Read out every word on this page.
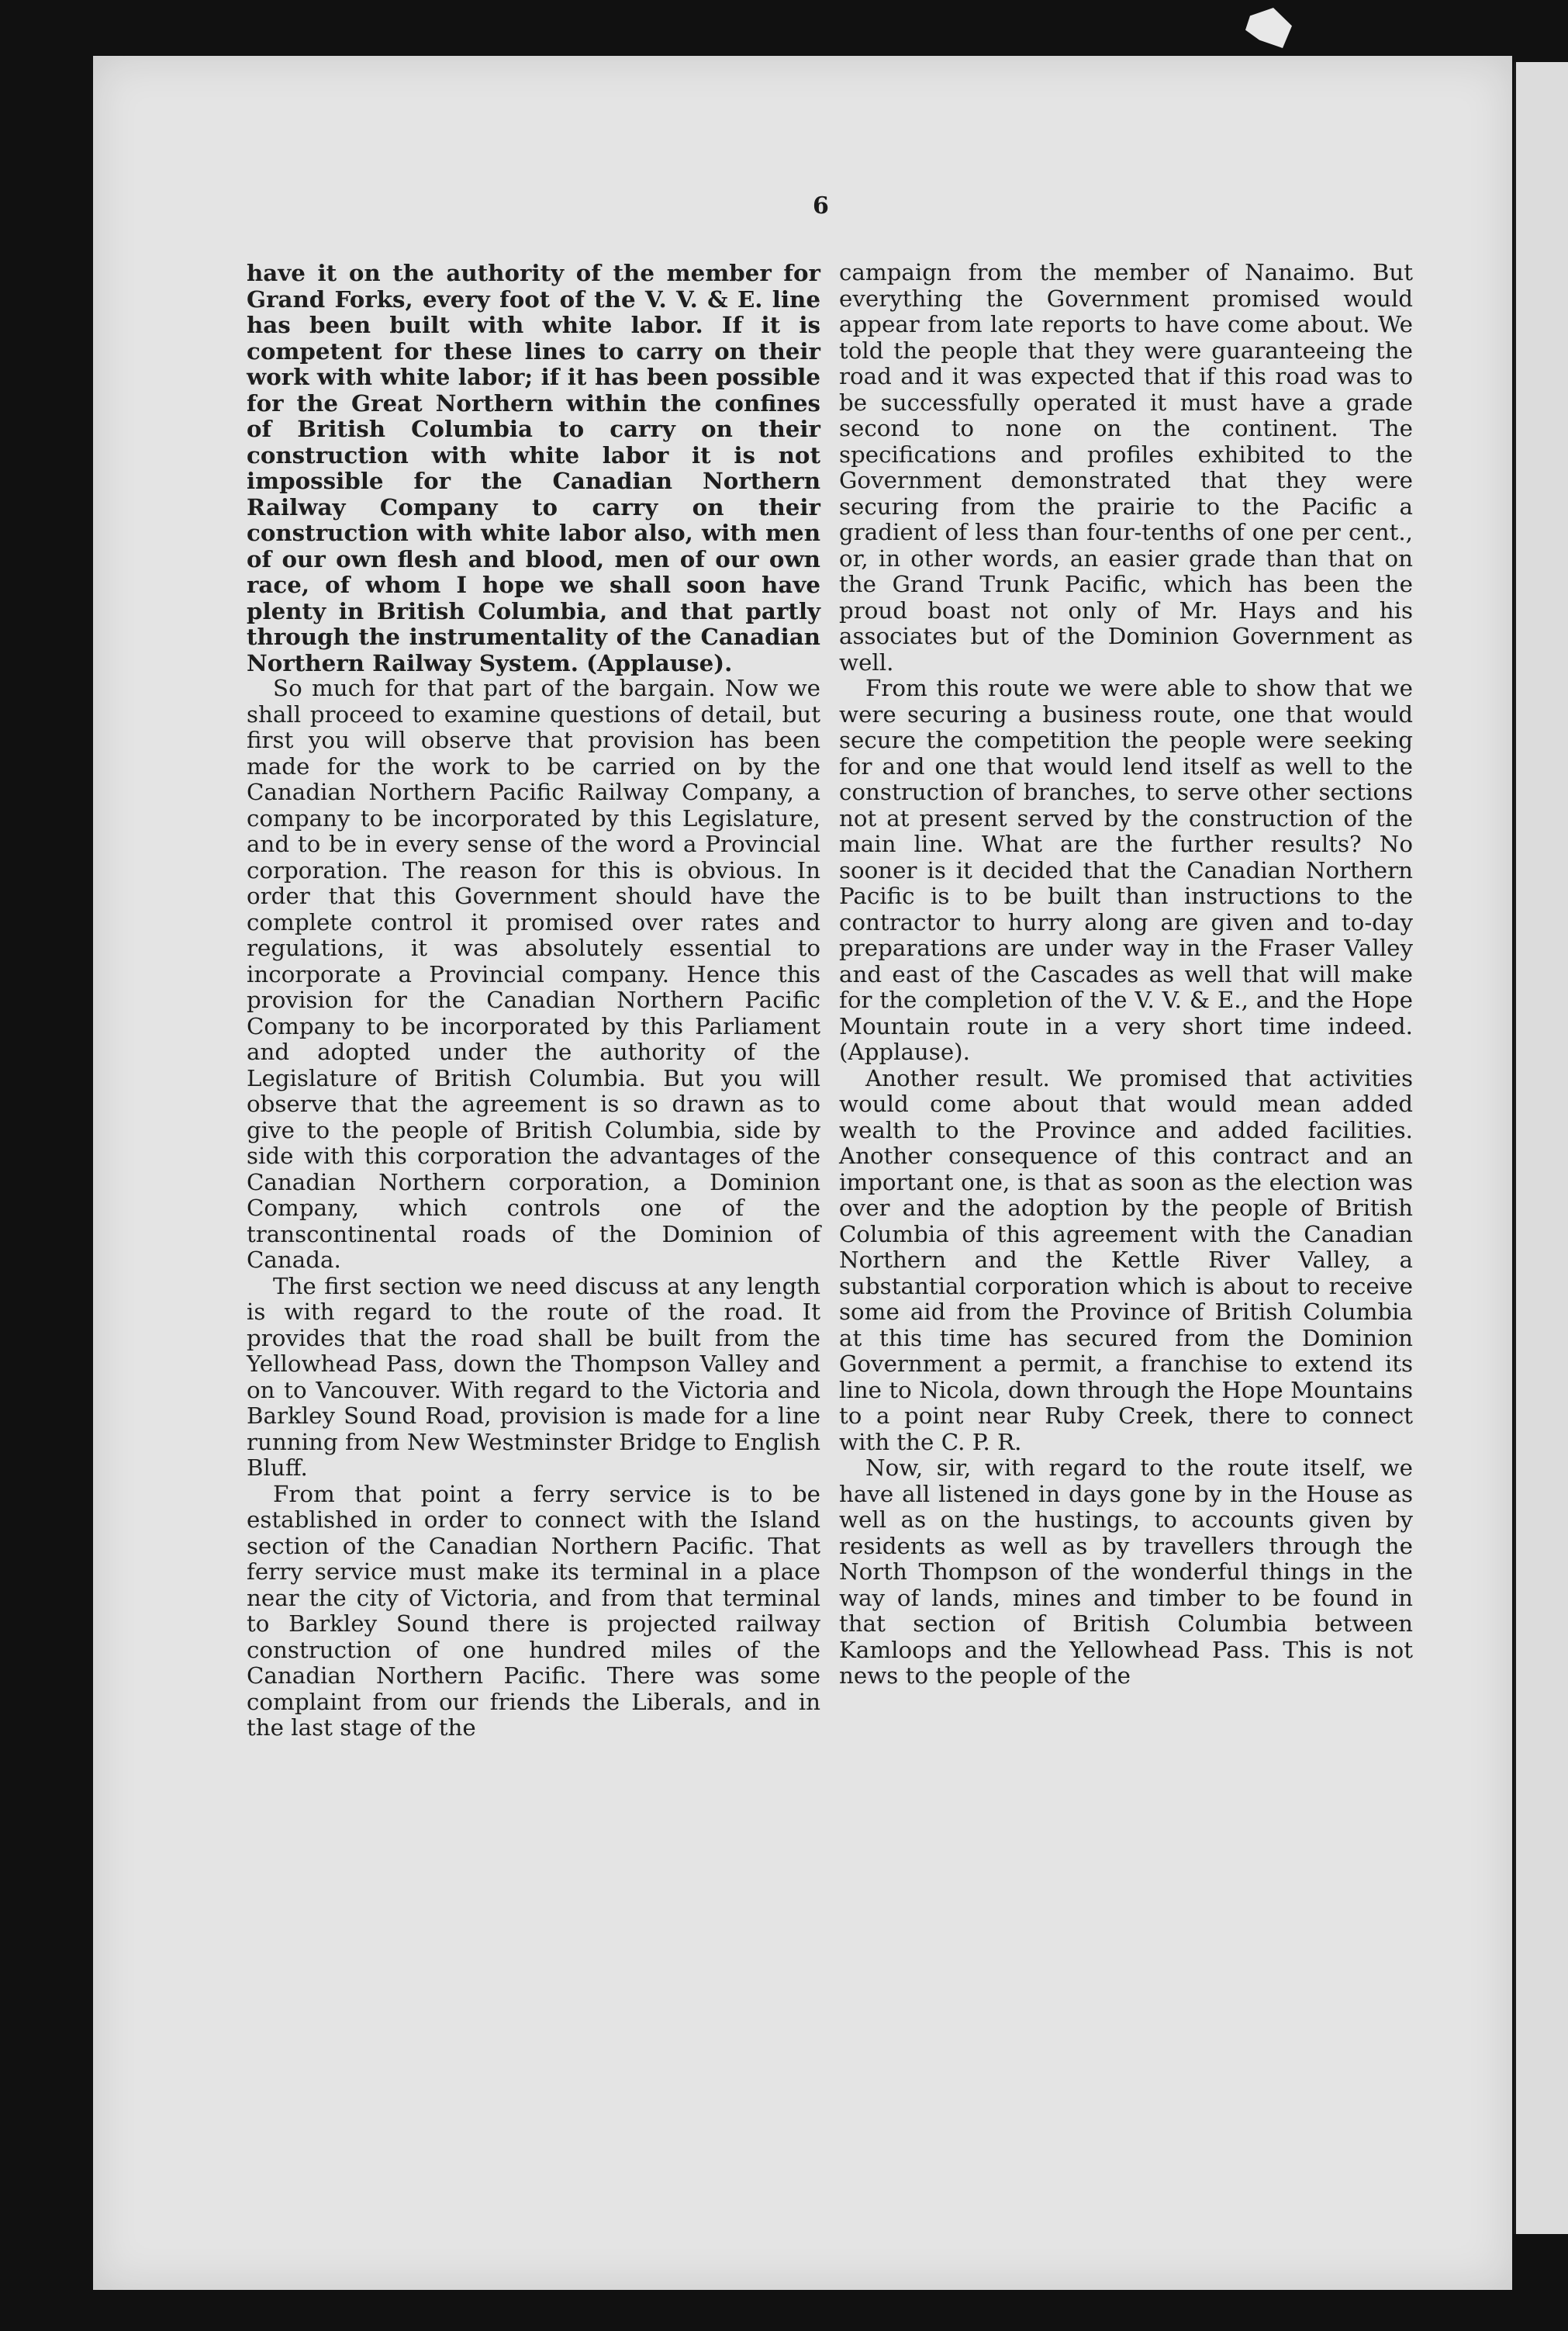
6

have it on the authority of the member for Grand Forks, every foot of the V. V. & E. line has been built with white labor. If it is competent for these lines to carry on their work with white labor; if it has been possible for the Great Northern within the confines of British Columbia to carry on their construction with white labor it is not impossible for the Canadian Northern Railway Company to carry on their construction with white labor also, with men of our own flesh and blood, men of our own race, of whom I hope we shall soon have plenty in British Columbia, and that partly through the instrumentality of the Canadian Northern Railway System. (Applause).

So much for that part of the bargain. Now we shall proceed to examine questions of detail, but first you will observe that provision has been made for the work to be carried on by the Canadian Northern Pacific Railway Company, a company to be incorporated by this Legislature, and to be in every sense of the word a Provincial corporation. The reason for this is obvious. In order that this Government should have the complete control it promised over rates and regulations, it was absolutely essential to incorporate a Provincial company. Hence this provision for the Canadian Northern Pacific Company to be incorporated by this Parliament and adopted under the authority of the Legislature of British Columbia. But you will observe that the agreement is so drawn as to give to the people of British Columbia, side by side with this corporation the advantages of the Canadian Northern corporation, a Dominion Company, which controls one of the transcontinental roads of the Dominion of Canada.

The first section we need discuss at any length is with regard to the route of the road. It provides that the road shall be built from the Yellowhead Pass, down the Thompson Valley and on to Vancouver. With regard to the Victoria and Barkley Sound Road, provision is made for a line running from New Westminster Bridge to English Bluff.

From that point a ferry service is to be established in order to connect with the Island section of the Canadian Northern Pacific. That ferry service must make its terminal in a place near the city of Victoria, and from that terminal to Barkley Sound there is projected railway construction of one hundred miles of the Canadian Northern Pacific. There was some complaint from our friends the Liberals, and in the last stage of the

campaign from the member of Nanaimo. But everything the Government promised would appear from late reports to have come about. We told the people that they were guaranteeing the road and it was expected that if this road was to be successfully operated it must have a grade second to none on the continent. The specifications and profiles exhibited to the Government demonstrated that they were securing from the prairie to the Pacific a gradient of less than four-tenths of one per cent., or, in other words, an easier grade than that on the Grand Trunk Pacific, which has been the proud boast not only of Mr. Hays and his associates but of the Dominion Government as well.

From this route we were able to show that we were securing a business route, one that would secure the competition the people were seeking for and one that would lend itself as well to the construction of branches, to serve other sections not at present served by the construction of the main line. What are the further results? No sooner is it decided that the Canadian Northern Pacific is to be built than instructions to the contractor to hurry along are given and to-day preparations are under way in the Fraser Valley and east of the Cascades as well that will make for the completion of the V. V. & E., and the Hope Mountain route in a very short time indeed. (Applause).

Another result. We promised that activities would come about that would mean added wealth to the Province and added facilities. Another consequence of this contract and an important one, is that as soon as the election was over and the adoption by the people of British Columbia of this agreement with the Canadian Northern and the Kettle River Valley, a substantial corporation which is about to receive some aid from the Province of British Columbia at this time has secured from the Dominion Government a permit, a franchise to extend its line to Nicola, down through the Hope Mountains to a point near Ruby Creek, there to connect with the C. P. R.

Now, sir, with regard to the route itself, we have all listened in days gone by in the House as well as on the hustings, to accounts given by residents as well as by travellers through the North Thompson of the wonderful things in the way of lands, mines and timber to be found in that section of British Columbia between Kamloops and the Yellowhead Pass. This is not news to the people of the
